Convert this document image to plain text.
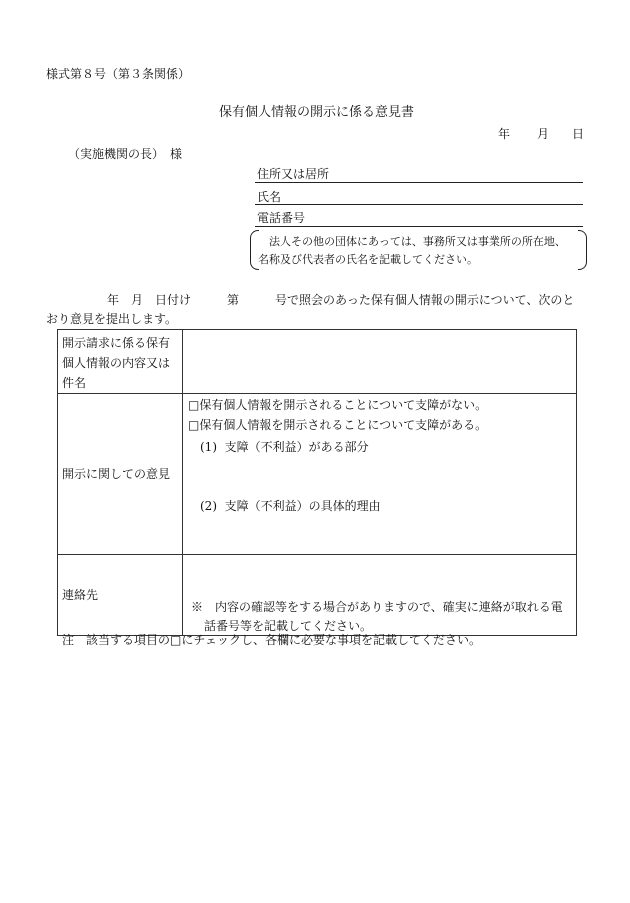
様式第８号（第３条関係）
保有個人情報の開示に係る意見書
年 月 日
（実施機関の長）　様
住所又は居所
氏名
電話番号
法人その他の団体にあっては、事務所又は事業所の所在地、
名称及び代表者の氏名を記載してください。
年　月　日付け　　　第　　　号で照会のあった保有個人情報の開示について、次のと
おり意見を提出します。
開示請求に係る保有
個人情報の内容又は
件名	

開示に関しての意見	□保有個人情報を開示されることについて支障がない。
□保有個人情報を開示されることについて支障がある。
(1)  支障（不利益）がある部分
(2)  支障（不利益）の具体的理由

連絡先	※　内容の確認等をする場合がありますので、確実に連絡が取れる電
話番号等を記載してください。
注　該当する項目の□にチェックし、各欄に必要な事項を記載してください。
